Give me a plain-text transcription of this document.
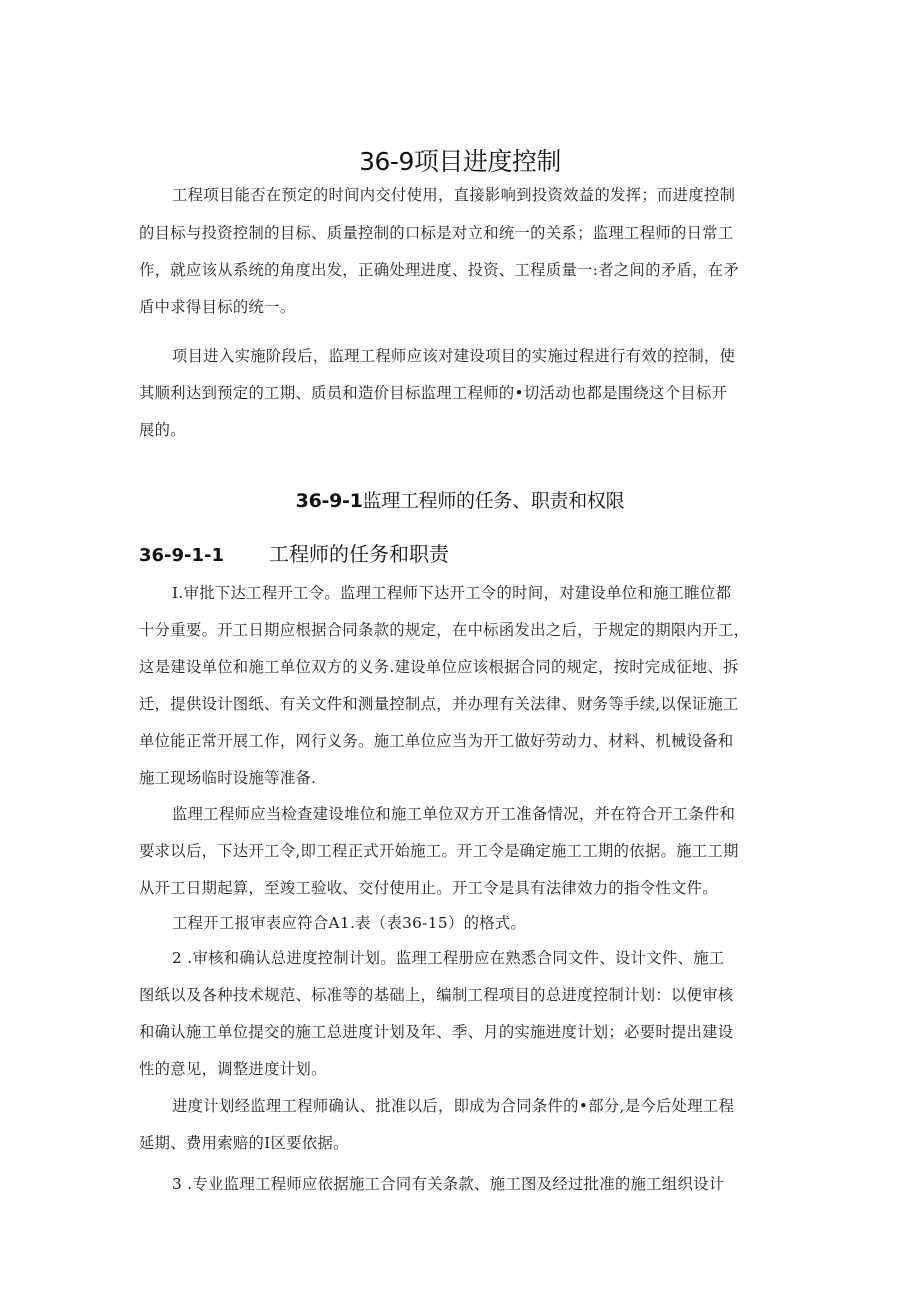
36-9项目进度控制
工程项目能否在预定的时间内交付使用，直接影响到投资效益的发挥；而进度控制
的目标与投资控制的目标、质量控制的口标是对立和统一的关系；监理工程师的日常工
作，就应该从系统的角度出发，正确处理进度、投资、工程质量一:者之间的矛盾，在矛
盾中求得目标的统一。
项目进入实施阶段后，监理工程师应该对建设项目的实施过程进行有效的控制，使
其顺利达到预定的工期、质员和造价目标监理工程师的•切活动也都是围绕这个目标开
展的。
36-9-1监理工程师的任务、职责和权限
36-9-1-1 工程师的任务和职责
I.审批下达工程开工令。监理工程师下达开工令的时间，对建设单位和施工睢位都
十分重要。开工日期应根据合同条款的规定，在中标函发出之后，于规定的期限内开工，
这是建设单位和施工单位双方的义务.建设单位应该根据合同的规定，按时完成征地、拆
迁，提供设计图纸、有关文件和测量控制点，并办理有关法律、财务等手续,以保证施工
单位能正常开展工作，网行义务。施工单位应当为开工做好劳动力、材料、机械设备和
施工现场临时设施等准备.
监理工程师应当检查建设堆位和施工单位双方开工准备情况，并在符合开工条件和
要求以后，下达开工令,即工程正式开始施工。开工令是确定施工工期的依据。施工工期
从开工日期起算，至竣工验收、交付使用止。开工令是具有法律效力的指令性文件。
工程开工报审表应符合A1.表（表36-15）的格式。
2 .审核和确认总进度控制计划。监理工程册应在熟悉合同文件、设计文件、施工
图纸以及各种技术规范、标准等的基础上，编制工程项目的总进度控制计划：以便审核
和确认施工单位提交的施工总进度计划及年、季、月的实施进度计划；必要时提出建设
性的意见，调整进度计划。
进度计划经监理工程师确认、批准以后，即成为合同条件的•部分,是今后处理工程
延期、费用索赔的I区要依据。
3 .专业监理工程师应依据施工合同有关条款、施工图及经过批准的施工组织设计
